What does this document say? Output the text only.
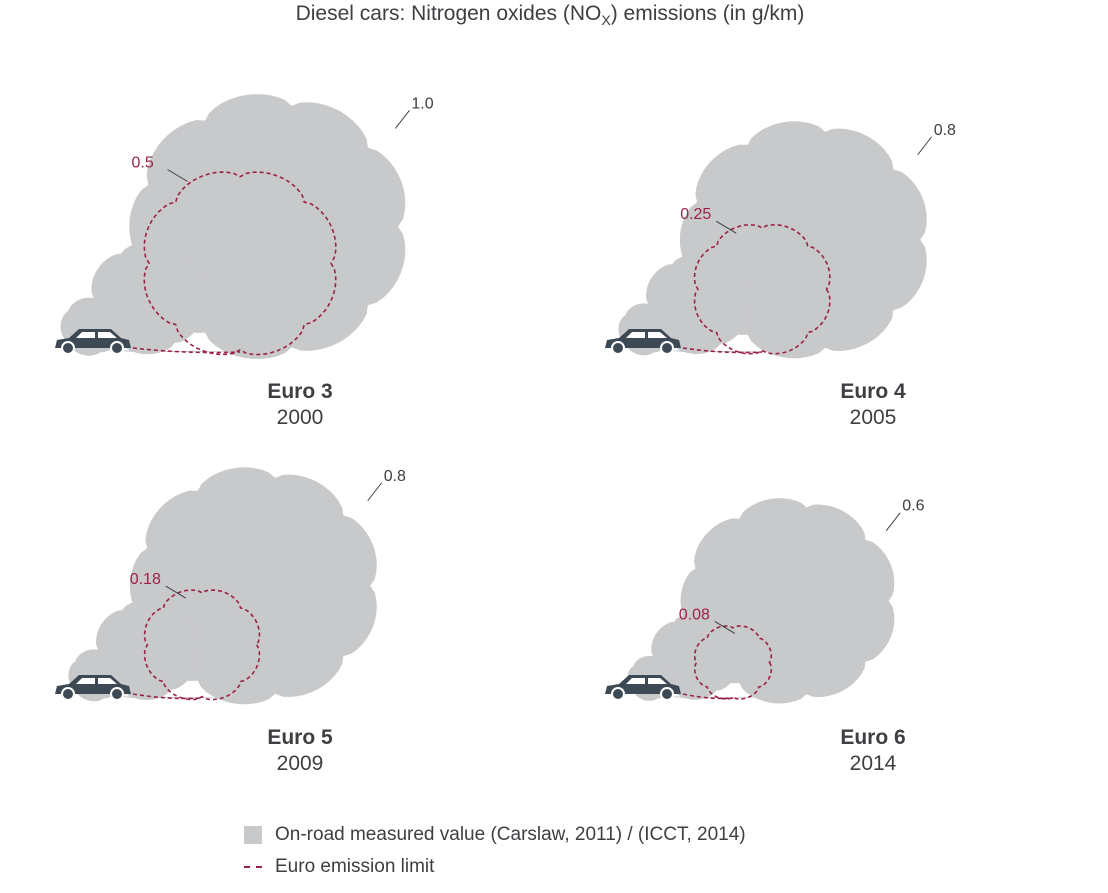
Diesel cars: Nitrogen oxides $(NO_X)$ emissions (in g/km)
1.0
0.5
Euro 3
2000
0.8
0.25
Euro 4
2005
0.8
0.18
Euro 5
2009
0.6
0.08
Euro 6
2014
On-road measured value (Carslaw, 2011) / (ICCT, 2014)
Euro emission limit
